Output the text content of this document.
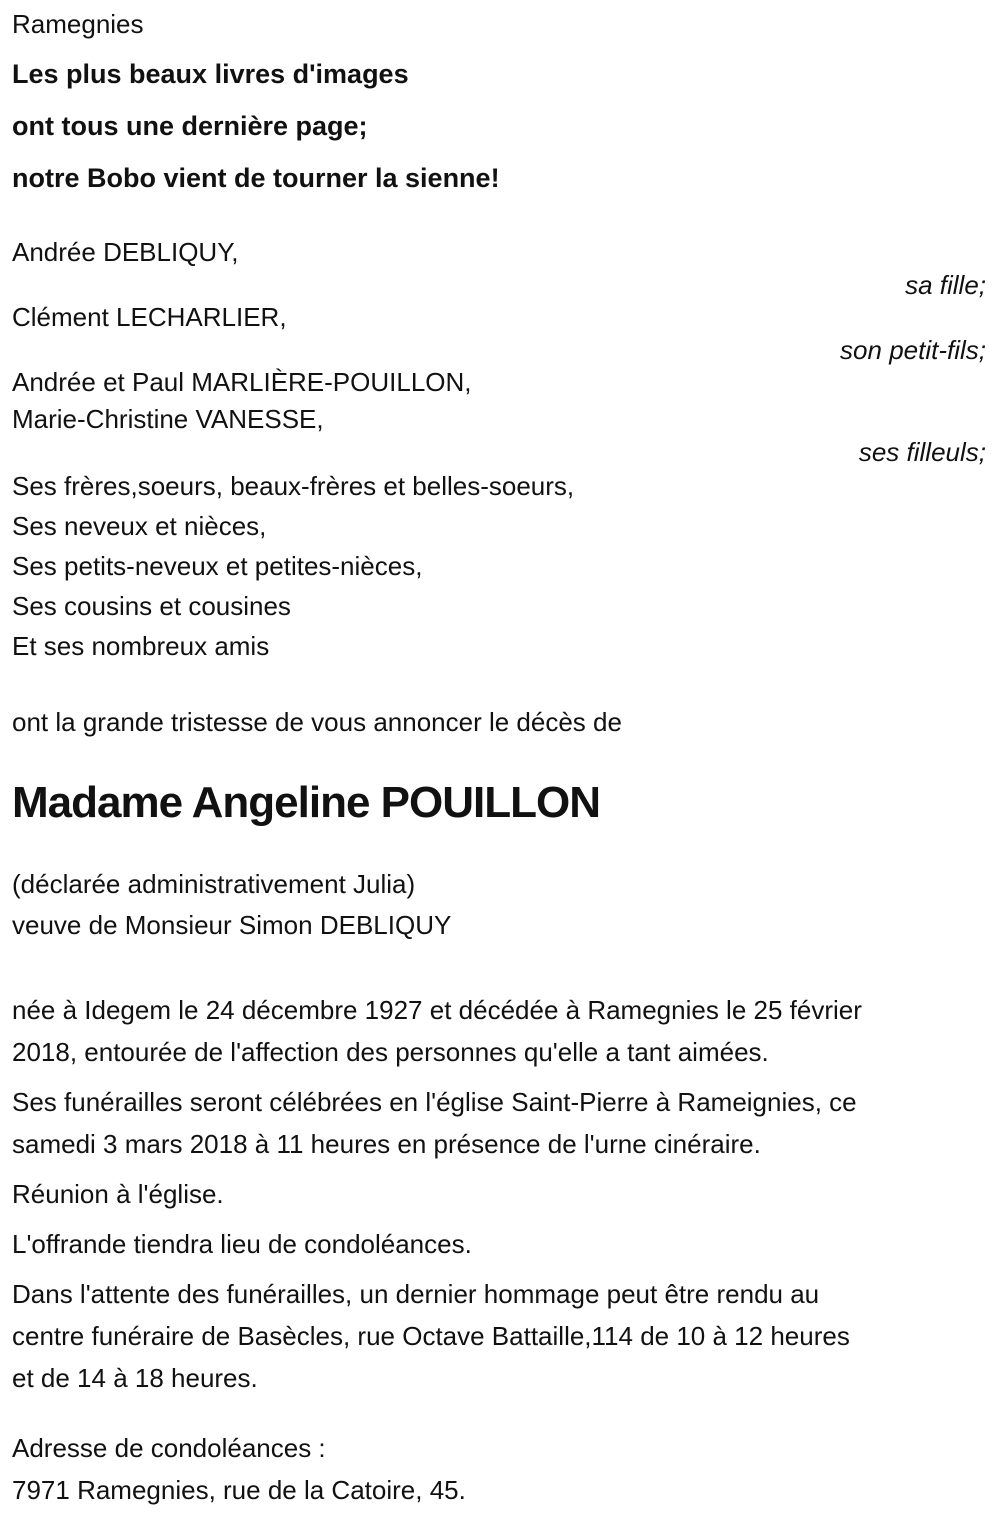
Ramegnies
Les plus beaux livres d'images
ont tous une dernière page;
notre Bobo vient de tourner la sienne!
Andrée DEBLIQUY,
sa fille;
Clément LECHARLIER,
son petit-fils;
Andrée et Paul MARLIÈRE-POUILLON,
Marie-Christine VANESSE,
ses filleuls;
Ses frères,soeurs, beaux-frères et belles-soeurs,
Ses neveux et nièces,
Ses petits-neveux et petites-nièces,
Ses cousins et cousines
Et ses nombreux amis
ont la grande tristesse de vous annoncer le décès de
Madame Angeline POUILLON
(déclarée administrativement Julia)
veuve de Monsieur Simon DEBLIQUY
née à Idegem le 24 décembre 1927 et décédée à Ramegnies le 25 février
2018, entourée de l'affection des personnes qu'elle a tant aimées.
Ses funérailles seront célébrées en l'église Saint-Pierre à Rameignies, ce
samedi 3 mars 2018 à 11 heures en présence de l'urne cinéraire.
Réunion à l'église.
L'offrande tiendra lieu de condoléances.
Dans l'attente des funérailles, un dernier hommage peut être rendu au
centre funéraire de Basècles, rue Octave Battaille,114 de 10 à 12 heures
et de 14 à 18 heures.
Adresse de condoléances :
7971 Ramegnies, rue de la Catoire, 45.
